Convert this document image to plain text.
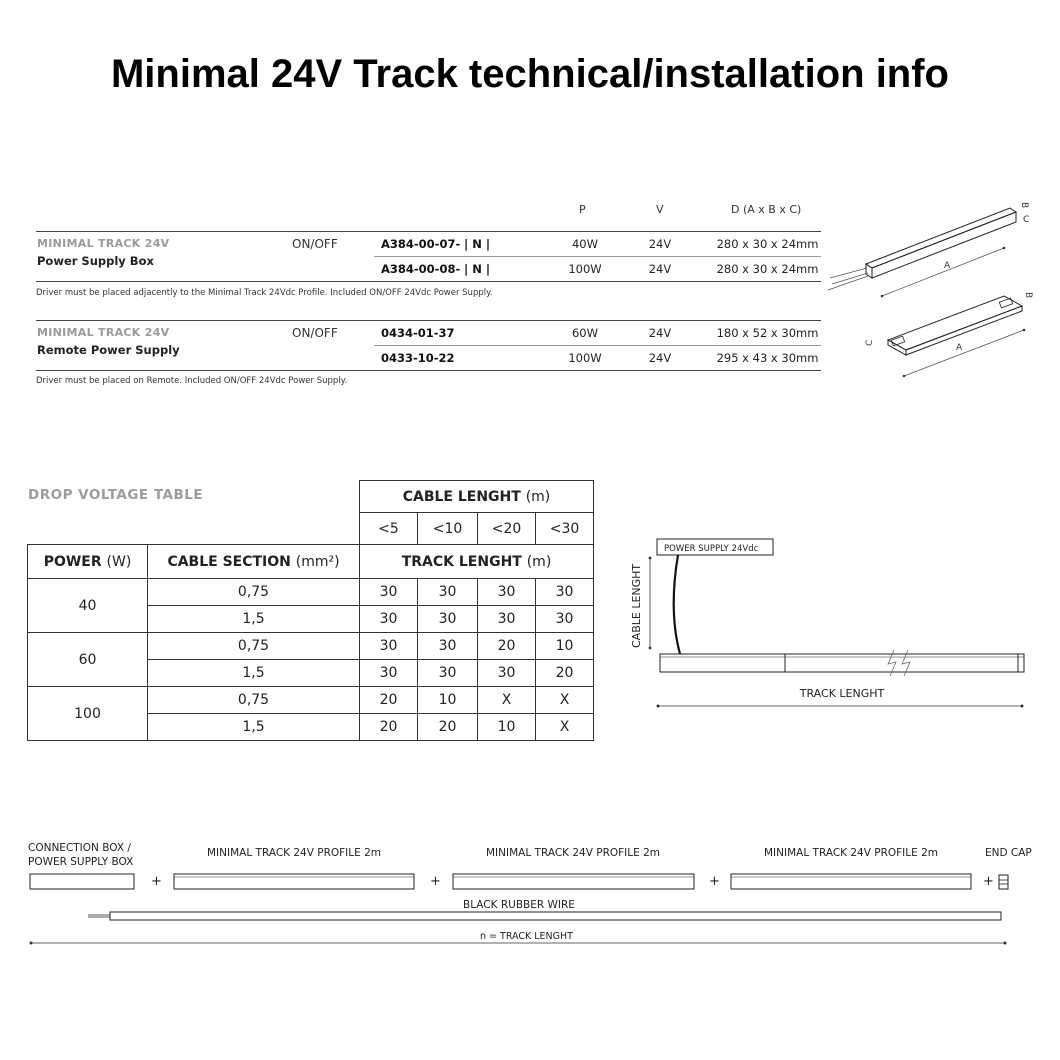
Minimal 24V Track technical/installation info
P	V	D (A x B x C)
MINIMAL TRACK 24V
Power Supply Box
ON/OFF	A384-00-07- | N |	40W	24V	280 x 30 x 24mm
A384-00-08- | N |	100W	24V	280 x 30 x 24mm
Driver must be placed adjacently to the Minimal Track 24Vdc Profile. Included ON/OFF 24Vdc Power Supply.
MINIMAL TRACK 24V
Remote Power Supply
ON/OFF	0434-01-37	60W	24V	180 x 52 x 30mm
0433-10-22	100W	24V	295 x 43 x 30mm
Driver must be placed on Remote. Included ON/OFF 24Vdc Power Supply.
A
B
C
A
B
C
DROP VOLTAGE TABLE
		CABLE LENGHT (m)			
		<5	<10	<20	<30
POWER (W)	CABLE SECTION (mm²)	TRACK LENGHT (m)			
40	0,75	30	30	30	30
	1,5	30	30	30	30
60	0,75	30	30	20	10
	1,5	30	30	30	20
100	0,75	20	10	X	X
	1,5	20	20	10	X
CABLE LENGHT
POWER SUPPLY 24Vdc
TRACK LENGHT
CONNECTION BOX /
POWER SUPPLY BOX
MINIMAL TRACK 24V PROFILE 2m	MINIMAL TRACK 24V PROFILE 2m	MINIMAL TRACK 24V PROFILE 2m	END CAP
+	+	+	+
BLACK RUBBER WIRE
n = TRACK LENGHT
